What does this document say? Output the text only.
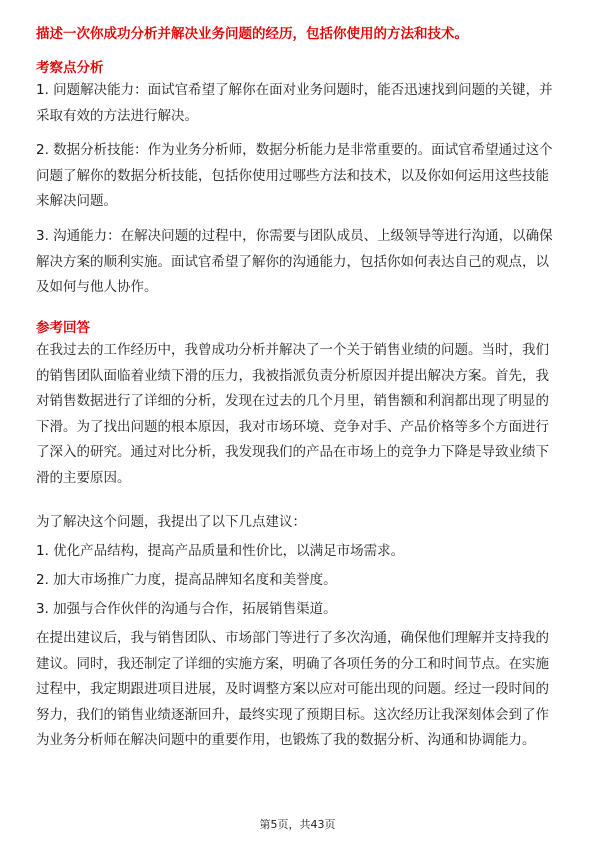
描述一次你成功分析并解决业务问题的经历，包括你使用的方法和技术。
考察点分析
1. 问题解决能力：面试官希望了解你在面对业务问题时，能否迅速找到问题的关键，并采取有效的方法进行解决。
2. 数据分析技能：作为业务分析师，数据分析能力是非常重要的。面试官希望通过这个问题了解你的数据分析技能，包括你使用过哪些方法和技术，以及你如何运用这些技能来解决问题。
3. 沟通能力：在解决问题的过程中，你需要与团队成员、上级领导等进行沟通，以确保解决方案的顺利实施。面试官希望了解你的沟通能力，包括你如何表达自己的观点，以及如何与他人协作。
参考回答
在我过去的工作经历中，我曾成功分析并解决了一个关于销售业绩的问题。当时，我们的销售团队面临着业绩下滑的压力，我被指派负责分析原因并提出解决方案。首先，我对销售数据进行了详细的分析，发现在过去的几个月里，销售额和利润都出现了明显的下滑。为了找出问题的根本原因，我对市场环境、竞争对手、产品价格等多个方面进行了深入的研究。通过对比分析，我发现我们的产品在市场上的竞争力下降是导致业绩下滑的主要原因。
为了解决这个问题，我提出了以下几点建议：
1. 优化产品结构，提高产品质量和性价比，以满足市场需求。
2. 加大市场推广力度，提高品牌知名度和美誉度。
3. 加强与合作伙伴的沟通与合作，拓展销售渠道。
在提出建议后，我与销售团队、市场部门等进行了多次沟通，确保他们理解并支持我的建议。同时，我还制定了详细的实施方案，明确了各项任务的分工和时间节点。在实施过程中，我定期跟进项目进展，及时调整方案以应对可能出现的问题。经过一段时间的努力，我们的销售业绩逐渐回升，最终实现了预期目标。这次经历让我深刻体会到了作为业务分析师在解决问题中的重要作用，也锻炼了我的数据分析、沟通和协调能力。
第5页，共43页
